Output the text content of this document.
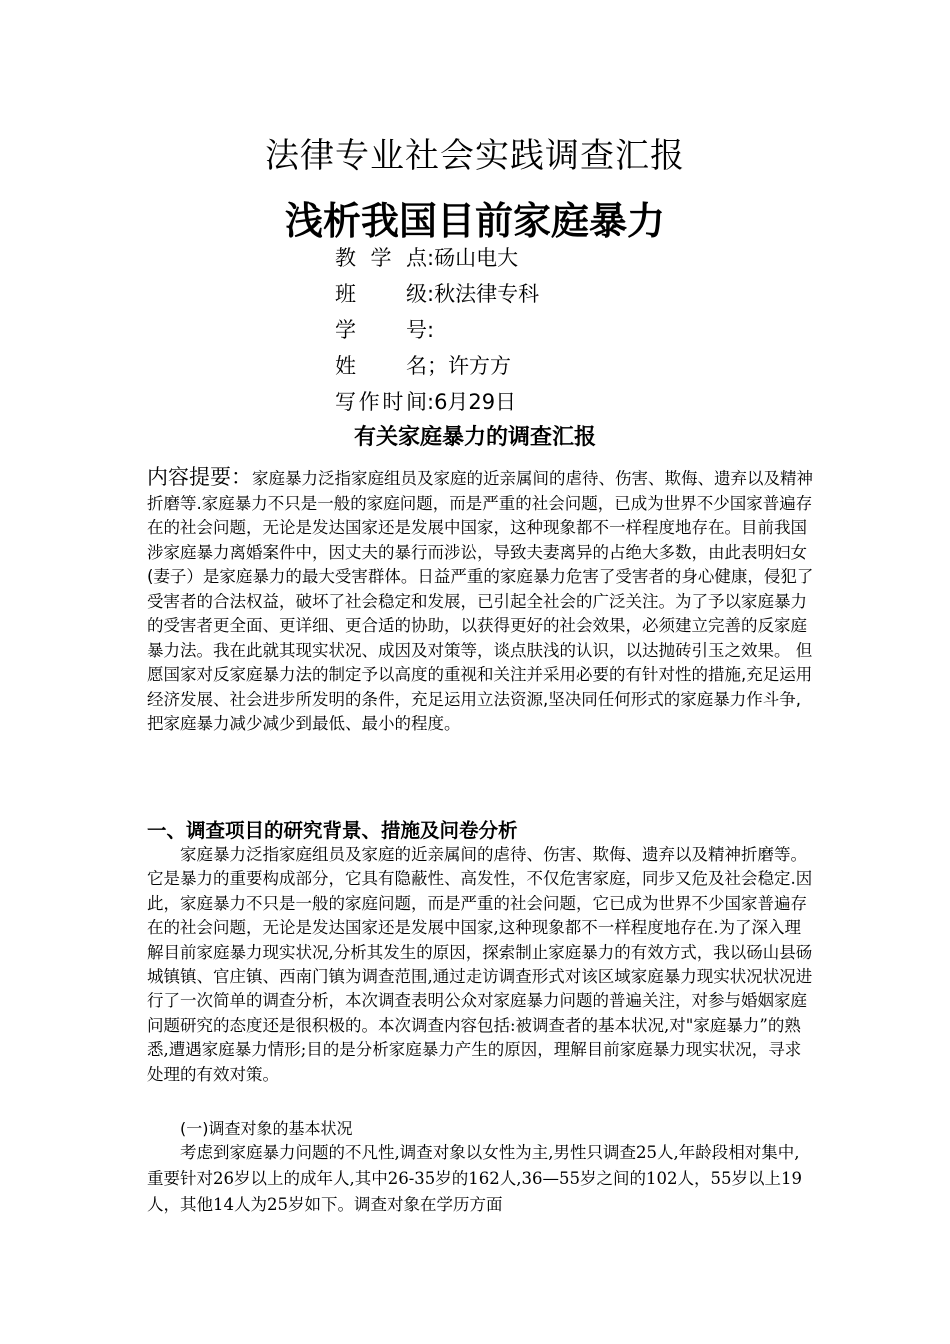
法律专业社会实践调查汇报
浅析我国目前家庭暴力
教学点:砀山电大
班级:秋法律专科
学号:
姓名；许方方
写作时间:6月29日
有关家庭暴力的调查汇报

内容提要：家庭暴力泛指家庭组员及家庭的近亲属间的虐待、伤害、欺侮、遗弃以及精神折磨等.家庭暴力不只是一般的家庭问题，而是严重的社会问题，已成为世界不少国家普遍存在的社会问题，无论是发达国家还是发展中国家，这种现象都不一样程度地存在。目前我国涉家庭暴力离婚案件中，因丈夫的暴行而涉讼，导致夫妻离异的占绝大多数，由此表明妇女(妻子）是家庭暴力的最大受害群体。日益严重的家庭暴力危害了受害者的身心健康，侵犯了受害者的合法权益，破坏了社会稳定和发展，已引起全社会的广泛关注。为了予以家庭暴力的受害者更全面、更详细、更合适的协助，以获得更好的社会效果，必须建立完善的反家庭暴力法。我在此就其现实状况、成因及对策等，谈点肤浅的认识，以达抛砖引玉之效果。 但愿国家对反家庭暴力法的制定予以高度的重视和关注并采用必要的有针对性的措施,充足运用经济发展、社会进步所发明的条件，充足运用立法资源,坚决同任何形式的家庭暴力作斗争,把家庭暴力减少减少到最低、最小的程度。

一、调查项目的研究背景、措施及问卷分析

家庭暴力泛指家庭组员及家庭的近亲属间的虐待、伤害、欺侮、遗弃以及精神折磨等。它是暴力的重要构成部分，它具有隐蔽性、高发性，不仅危害家庭，同步又危及社会稳定.因此，家庭暴力不只是一般的家庭问题，而是严重的社会问题，它已成为世界不少国家普遍存在的社会问题，无论是发达国家还是发展中国家,这种现象都不一样程度地存在.为了深入理解目前家庭暴力现实状况,分析其发生的原因，探索制止家庭暴力的有效方式，我以砀山县砀城镇镇、官庄镇、西南门镇为调查范围,通过走访调查形式对该区域家庭暴力现实状况状况进行了一次简单的调查分析，本次调查表明公众对家庭暴力问题的普遍关注，对参与婚姻家庭问题研究的态度还是很积极的。本次调查内容包括:被调查者的基本状况,对"家庭暴力”的熟悉,遭遇家庭暴力情形;目的是分析家庭暴力产生的原因，理解目前家庭暴力现实状况，寻求处理的有效对策。

(一)调查对象的基本状况

考虑到家庭暴力问题的不凡性,调查对象以女性为主,男性只调查25人,年龄段相对集中,重要针对26岁以上的成年人,其中26-35岁的162人,36—55岁之间的102人，55岁以上19人，其他14人为25岁如下。调查对象在学历方面
